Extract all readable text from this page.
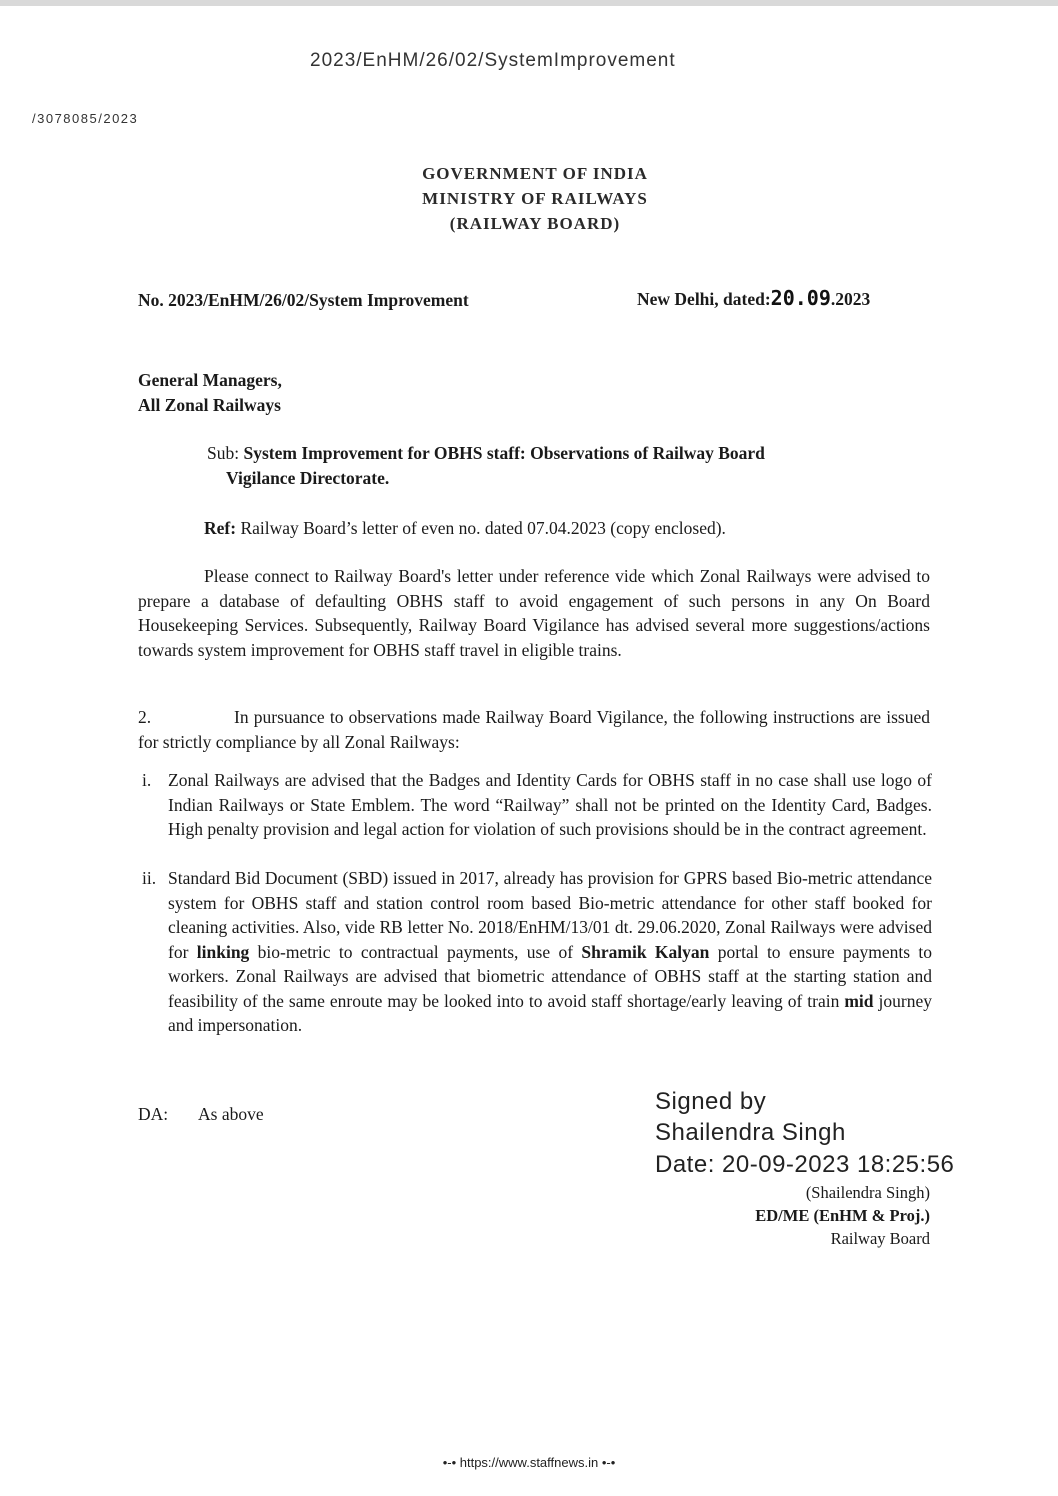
2023/EnHM/26/02/SystemImprovement
/3078085/2023
GOVERNMENT OF INDIA
MINISTRY OF RAILWAYS
(RAILWAY BOARD)
No. 2023/EnHM/26/02/System Improvement	New Delhi, dated:20.09.2023
General Managers,
All Zonal Railways
Sub: System Improvement for OBHS staff: Observations of Railway Board
Vigilance Directorate.
Ref: Railway Board’s letter of even no. dated 07.04.2023 (copy enclosed).
Please connect to Railway Board's letter under reference vide which Zonal Railways were advised to prepare a database of defaulting OBHS staff to avoid engagement of such persons in any On Board Housekeeping Services. Subsequently, Railway Board Vigilance has advised several more suggestions/actions towards system improvement for OBHS staff travel in eligible trains.
2.	In pursuance to observations made Railway Board Vigilance, the following instructions are issued for strictly compliance by all Zonal Railways:
i. Zonal Railways are advised that the Badges and Identity Cards for OBHS staff in no case shall use logo of Indian Railways or State Emblem. The word “Railway” shall not be printed on the Identity Card, Badges. High penalty provision and legal action for violation of such provisions should be in the contract agreement.
ii. Standard Bid Document (SBD) issued in 2017, already has provision for GPRS based Bio-metric attendance system for OBHS staff and station control room based Bio-metric attendance for other staff booked for cleaning activities. Also, vide RB letter No. 2018/EnHM/13/01 dt. 29.06.2020, Zonal Railways were advised for linking bio-metric to contractual payments, use of Shramik Kalyan portal to ensure payments to workers. Zonal Railways are advised that biometric attendance of OBHS staff at the starting station and feasibility of the same enroute may be looked into to avoid staff shortage/early leaving of train mid journey and impersonation.
DA: As above	Signed by
Shailendra Singh
Date: 20-09-2023 18:25:56
(Shailendra Singh)
ED/ME (EnHM & Proj.)
Railway Board
•-• https://www.staffnews.in •-•
